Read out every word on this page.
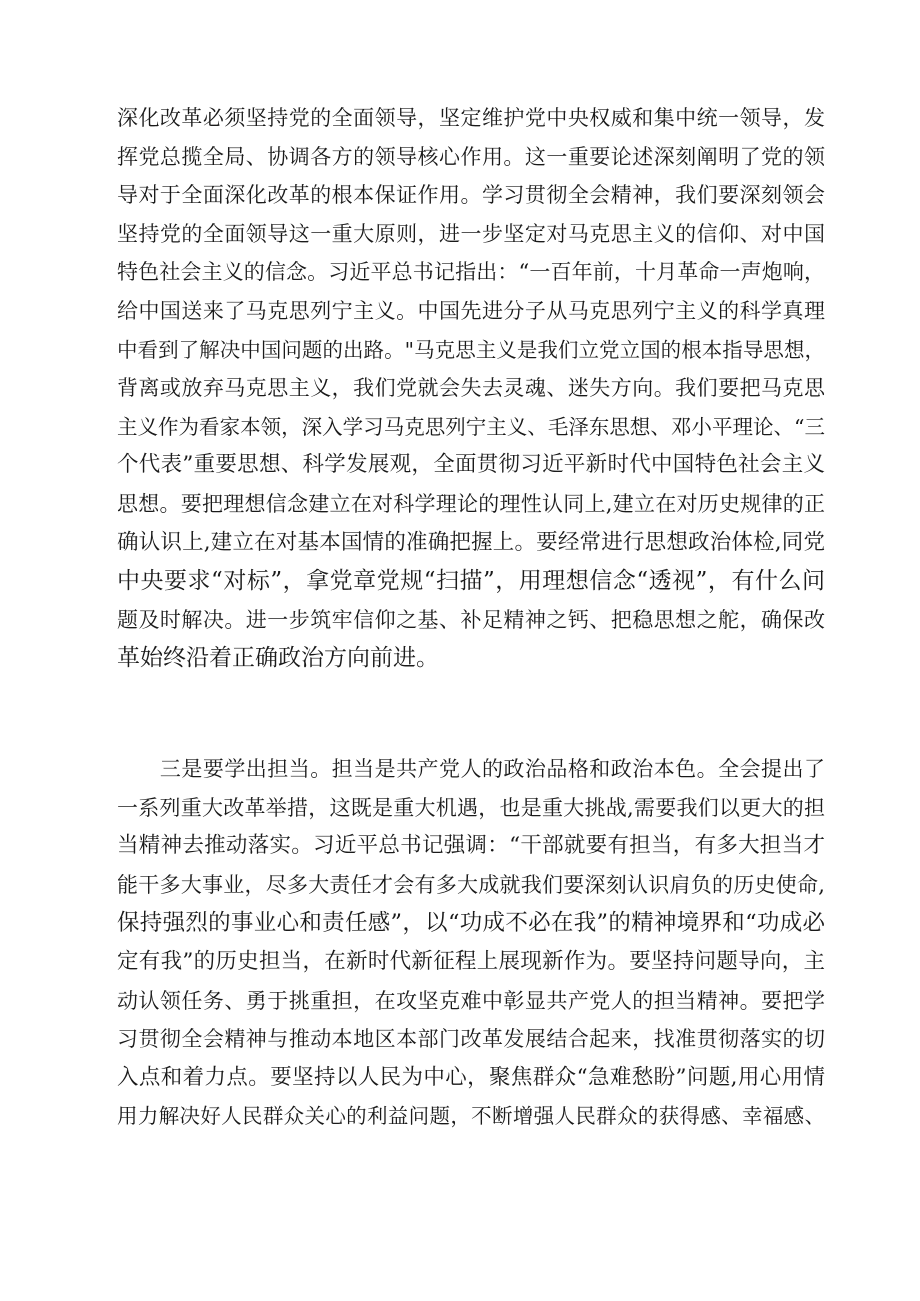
深化改革必须坚持党的全面领导，坚定维护党中央权威和集中统一领导，发
挥党总揽全局、协调各方的领导核心作用。这一重要论述深刻阐明了党的领
导对于全面深化改革的根本保证作用。学习贯彻全会精神，我们要深刻领会
坚持党的全面领导这一重大原则，进一步坚定对马克思主义的信仰、对中国
特色社会主义的信念。习近平总书记指出：“一百年前，十月革命一声炮响，
给中国送来了马克思列宁主义。中国先进分子从马克思列宁主义的科学真理
中看到了解决中国问题的出路。"马克思主义是我们立党立国的根本指导思想，
背离或放弃马克思主义，我们党就会失去灵魂、迷失方向。我们要把马克思
主义作为看家本领，深入学习马克思列宁主义、毛泽东思想、邓小平理论、“三
个代表”重要思想、科学发展观，全面贯彻习近平新时代中国特色社会主义
思想。要把理想信念建立在对科学理论的理性认同上,建立在对历史规律的正
确认识上,建立在对基本国情的准确把握上。要经常进行思想政治体检,同党
中央要求“对标”，拿党章党规“扫描”，用理想信念“透视”，有什么问
题及时解决。进一步筑牢信仰之基、补足精神之钙、把稳思想之舵，确保改
革始终沿着正确政治方向前进。
　　三是要学出担当。担当是共产党人的政治品格和政治本色。全会提出了
一系列重大改革举措，这既是重大机遇，也是重大挑战,需要我们以更大的担
当精神去推动落实。习近平总书记强调：“干部就要有担当，有多大担当才
能干多大事业，尽多大责任才会有多大成就我们要深刻认识肩负的历史使命,
保持强烈的事业心和责任感”，以“功成不必在我”的精神境界和“功成必
定有我”的历史担当，在新时代新征程上展现新作为。要坚持问题导向，主
动认领任务、勇于挑重担，在攻坚克难中彰显共产党人的担当精神。要把学
习贯彻全会精神与推动本地区本部门改革发展结合起来，找准贯彻落实的切
入点和着力点。要坚持以人民为中心，聚焦群众“急难愁盼”问题,用心用情
用力解决好人民群众关心的利益问题，不断增强人民群众的获得感、幸福感、
